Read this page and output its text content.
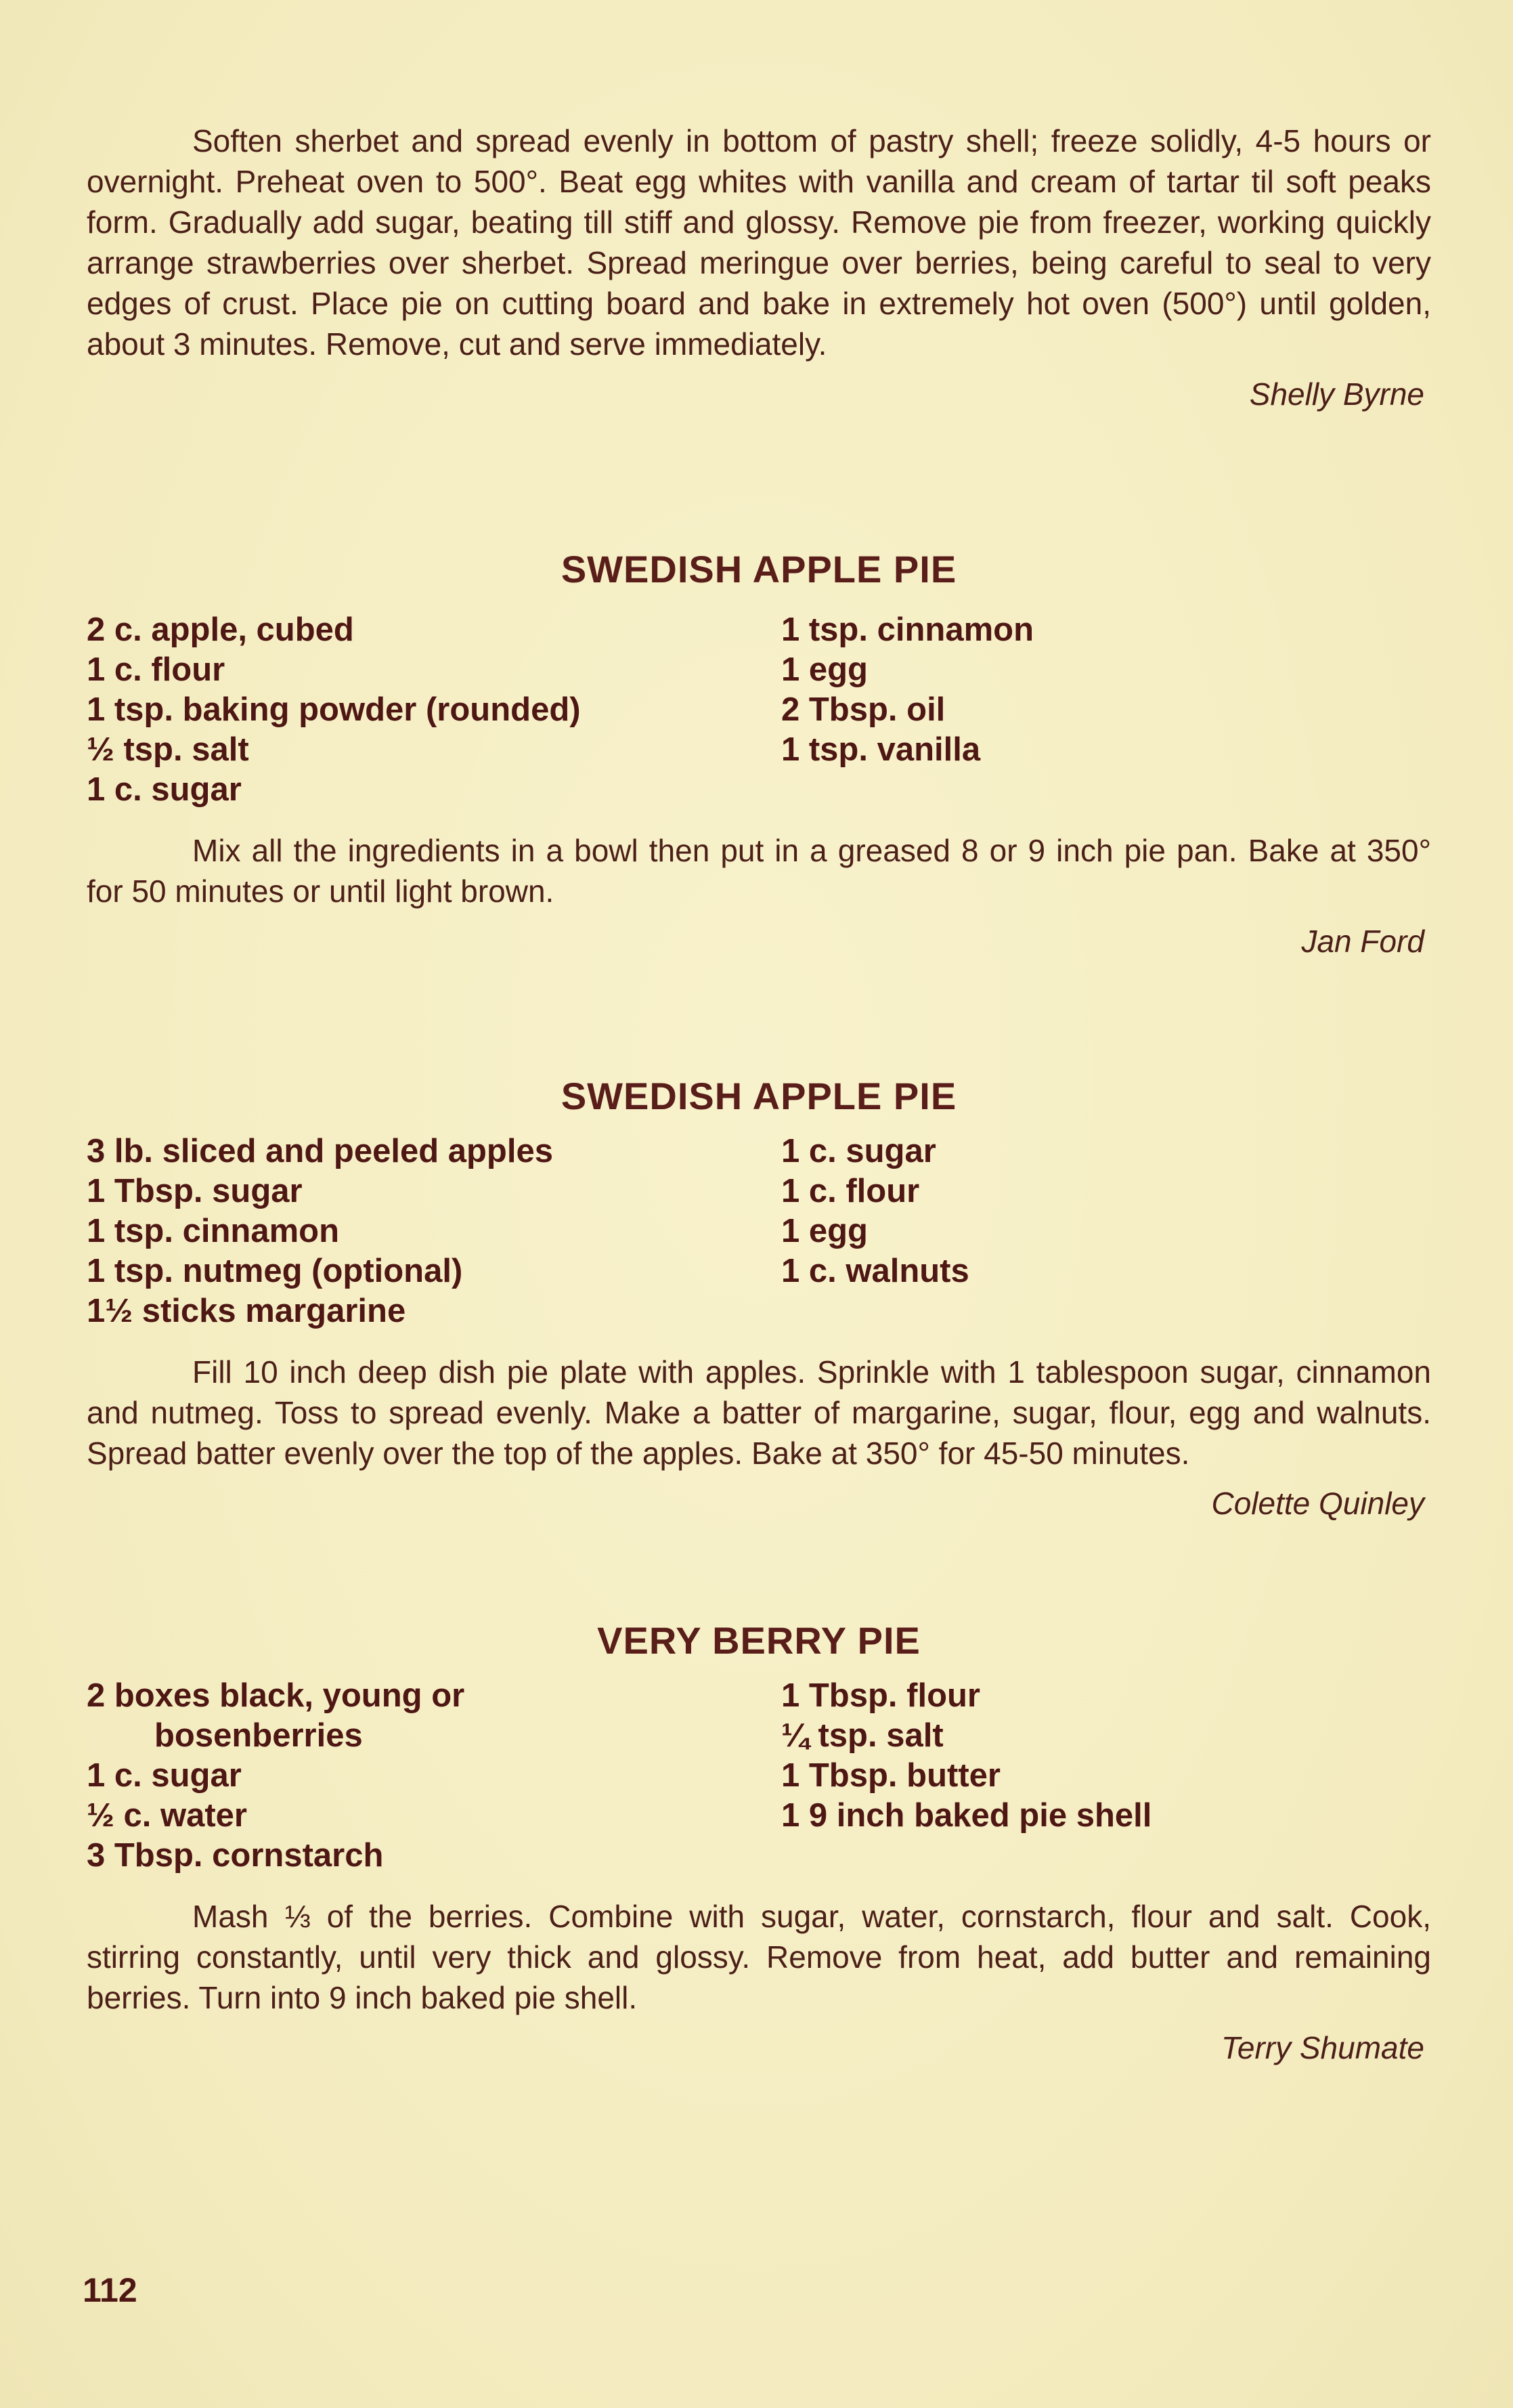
Soften sherbet and spread evenly in bottom of pastry shell; freeze solidly, 4-5 hours or overnight. Preheat oven to 500°. Beat egg whites with vanilla and cream of tartar til soft peaks form. Gradually add sugar, beating till stiff and glossy. Remove pie from freezer, working quickly arrange strawberries over sherbet. Spread meringue over berries, being careful to seal to very edges of crust. Place pie on cutting board and bake in extremely hot oven (500°) until golden, about 3 minutes. Remove, cut and serve immediately.

Shelly Byrne

SWEDISH APPLE PIE

2 c. apple, cubed

1 c. flour

1 tsp. baking powder (rounded)

½ tsp. salt

1 c. sugar

1 tsp. cinnamon

1 egg

2 Tbsp. oil

1 tsp. vanilla

Mix all the ingredients in a bowl then put in a greased 8 or 9 inch pie pan. Bake at 350° for 50 minutes or until light brown.

Jan Ford

SWEDISH APPLE PIE

3 lb. sliced and peeled apples

1 Tbsp. sugar

1 tsp. cinnamon

1 tsp. nutmeg (optional)

1½ sticks margarine

1 c. sugar

1 c. flour

1 egg

1 c. walnuts

Fill 10 inch deep dish pie plate with apples. Sprinkle with 1 tablespoon sugar, cinnamon and nutmeg. Toss to spread evenly. Make a batter of margarine, sugar, flour, egg and walnuts. Spread batter evenly over the top of the apples. Bake at 350° for 45-50 minutes.

Colette Quinley

VERY BERRY PIE

2 boxes black, young or

bosenberries

1 c. sugar

½ c. water

3 Tbsp. cornstarch

1 Tbsp. flour

¼ tsp. salt

1 Tbsp. butter

1 9 inch baked pie shell

Mash ⅓ of the berries. Combine with sugar, water, cornstarch, flour and salt. Cook, stirring constantly, until very thick and glossy. Remove from heat, add butter and remaining berries. Turn into 9 inch baked pie shell.

Terry Shumate

112
